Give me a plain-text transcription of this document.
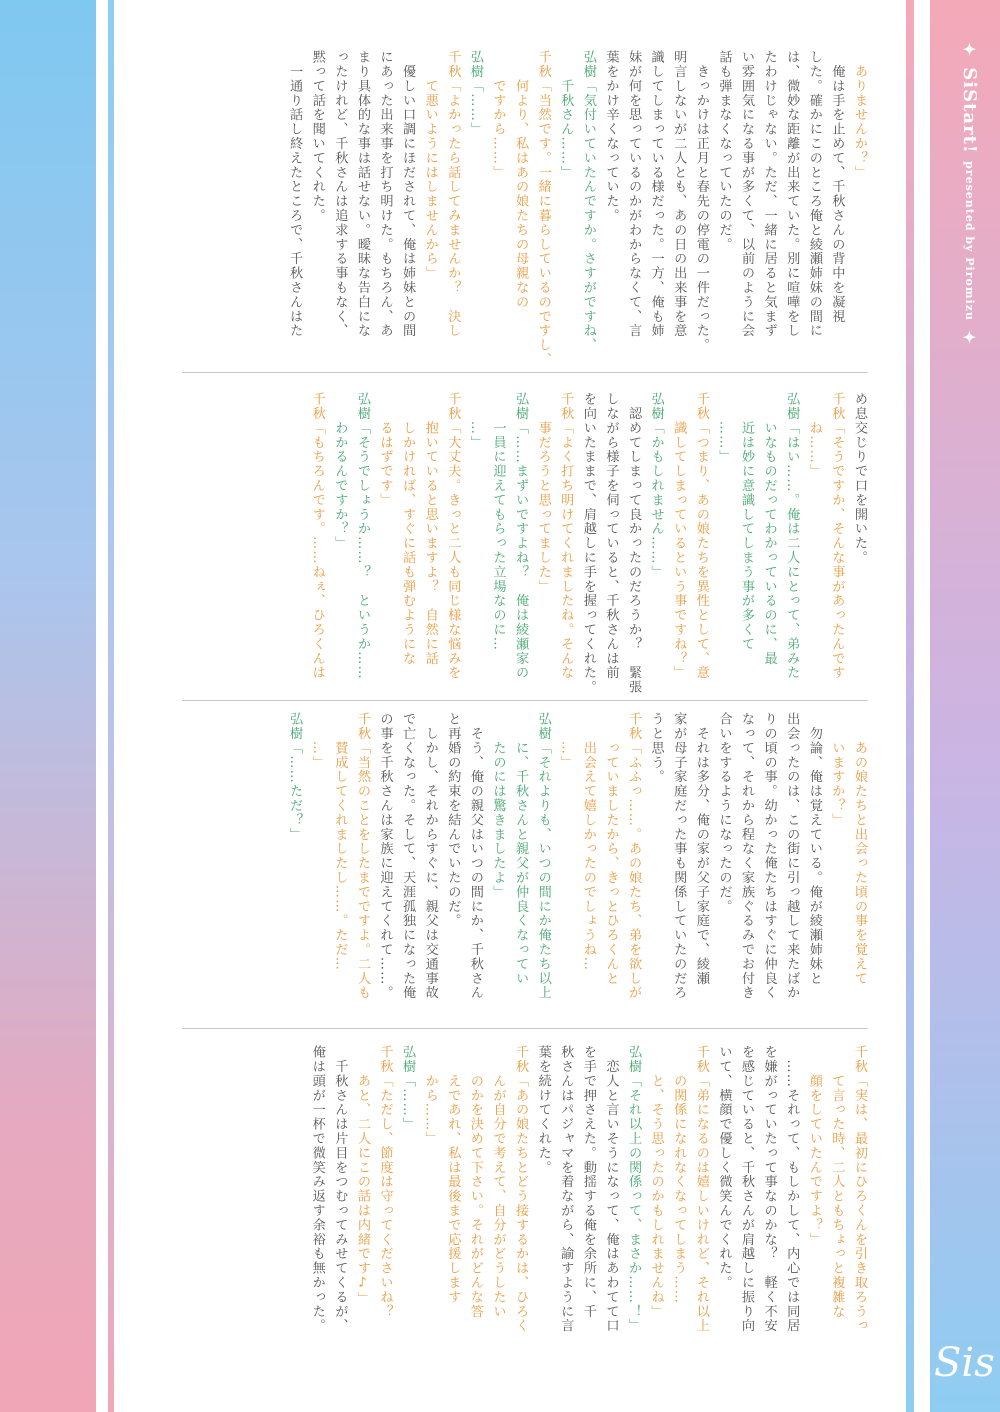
✦ SiStart! presented by Piromizu ✦
Sis

　ありませんか？」

　俺は手を止めて、千秋さんの背中を凝視

した。確かにこのところ俺と綾瀬姉妹の間に

は、微妙な距離が出来ていた。別に喧嘩をし

たわけじゃない。ただ、一緒に居ると気まず

い雰囲気になる事が多くて、以前のように会

話も弾まなくなっていたのだ。

　きっかけは正月と春先の停電の一件だった。

明言しないが二人とも、あの日の出来事を意

識してしまっている様だった。一方、俺も姉

妹が何を思っているのかがわからなくて、言

葉をかけ辛くなっていた。

弘樹「気付いていたんですか。さすがですね、

　　千秋さん……」

千秋「当然です。一緒に暮らしているのですし、

　　何より、私はあの娘たちの母親なの

　　ですから……」

弘樹「……」

千秋「よかったら話してみませんか？　決し

　　て悪いようにはしませんから」

　優しい口調にほだされて、俺は姉妹との間

にあった出来事を打ち明けた。もちろん、あ

まり具体的な事は話せない。曖昧な告白にな

ったけれど、千秋さんは追求する事もなく、

黙って話を聞いてくれた。

　一通り話し終えたところで、千秋さんはた

め息交じりで口を開いた。

千秋「そうですか、そんな事があったんです

　　ね……」

弘樹「はい……。俺は二人にとって、弟みた

　　いなものだってわかっているのに、最

　　近は妙に意識してしまう事が多くて

　　……」

千秋「つまり、あの娘たちを異性として、意

　　識してしまっているという事ですね？」

弘樹「かもしれません……」

　認めてしまって良かったのだろうか？　緊張

しながら様子を伺っていると、千秋さんは前

を向いたままで、肩越しに手を握ってくれた。

千秋「よく打ち明けてくれましたね。そんな

　　事だろうと思ってました」

弘樹「……まずいですよね？　俺は綾瀬家の

　　一員に迎えてもらった立場なのに…

　　…」

千秋「大丈夫。きっと二人も同じ様な悩みを

　　抱いていると思いますよ？　自然に話

　　しかければ、すぐに話も弾むようにな

　　るはずです」

弘樹「そうでしょうか……？　というか……

　　わかるんですか？」

千秋「もちろんです。……ねぇ、ひろくんは

　　あの娘たちと出会った頃の事を覚えて

　　いますか？」

　勿論、俺は覚えている。俺が綾瀬姉妹と

出会ったのは、この街に引っ越して来たばか

りの頃の事。幼かった俺たちはすぐに仲良く

なって、それから程なく家族ぐるみでお付き

合いをするようになったのだ。

　それは多分、俺の家が父子家庭で、綾瀬

家が母子家庭だった事も関係していたのだろ

うと思う。

千秋「ふふっ……。あの娘たち、弟を欲しが

　　っていましたから、きっとひろくんと

　　出会えて嬉しかったのでしょうね…

　　…」

弘樹「それよりも、いつの間にか俺たち以上

　　に、千秋さんと親父が仲良くなってい

　　たのには驚きましたよ」

　そう、俺の親父はいつの間にか、千秋さん

と再婚の約束を結んでいたのだ。

　しかし、それからすぐに、親父は交通事故

で亡くなった。そして、天涯孤独になった俺

の事を千秋さんは家族に迎えてくれて……。

千秋「当然のことをしたまでですよ。二人も

　　賛成してくれましたし……。ただ…

　　…」

弘樹「……ただ？」

千秋「実は、最初にひろくんを引き取ろうっ

　　て言った時、二人ともちょっと複雑な

　　顔をしていたんですよ？」

　……それって、もしかして、内心では同居

を嫌がっていたって事なのかな？　軽く不安

を感じていると、千秋さんが肩越しに振り向

いて、横顔で優しく微笑んでくれた。

千秋「弟になるのは嬉しいけれど、それ以上

　　の関係になれなくなってしまう……

　　と、そう思ったのかもしれませんね」

弘樹「それ以上の関係って、まさか……！」

　恋人と言いそうになって、俺はあわてて口

を手で押さえた。動揺する俺を余所に、千

秋さんはパジャマを着ながら、諭すように言

葉を続けてくれた。

千秋「あの娘たちとどう接するかは、ひろく

　　んが自分で考えて、自分がどうしたい

　　のかを決めて下さい。それがどんな答

　　えであれ、私は最後まで応援します

　　から……」

弘樹「……」

千秋「ただし、節度は守ってくださいね？

　　あと、二人にこの話は内緒です♪」

　千秋さんは片目をつむってみせてくるが、

俺は頭が一杯で微笑み返す余裕も無かった。
